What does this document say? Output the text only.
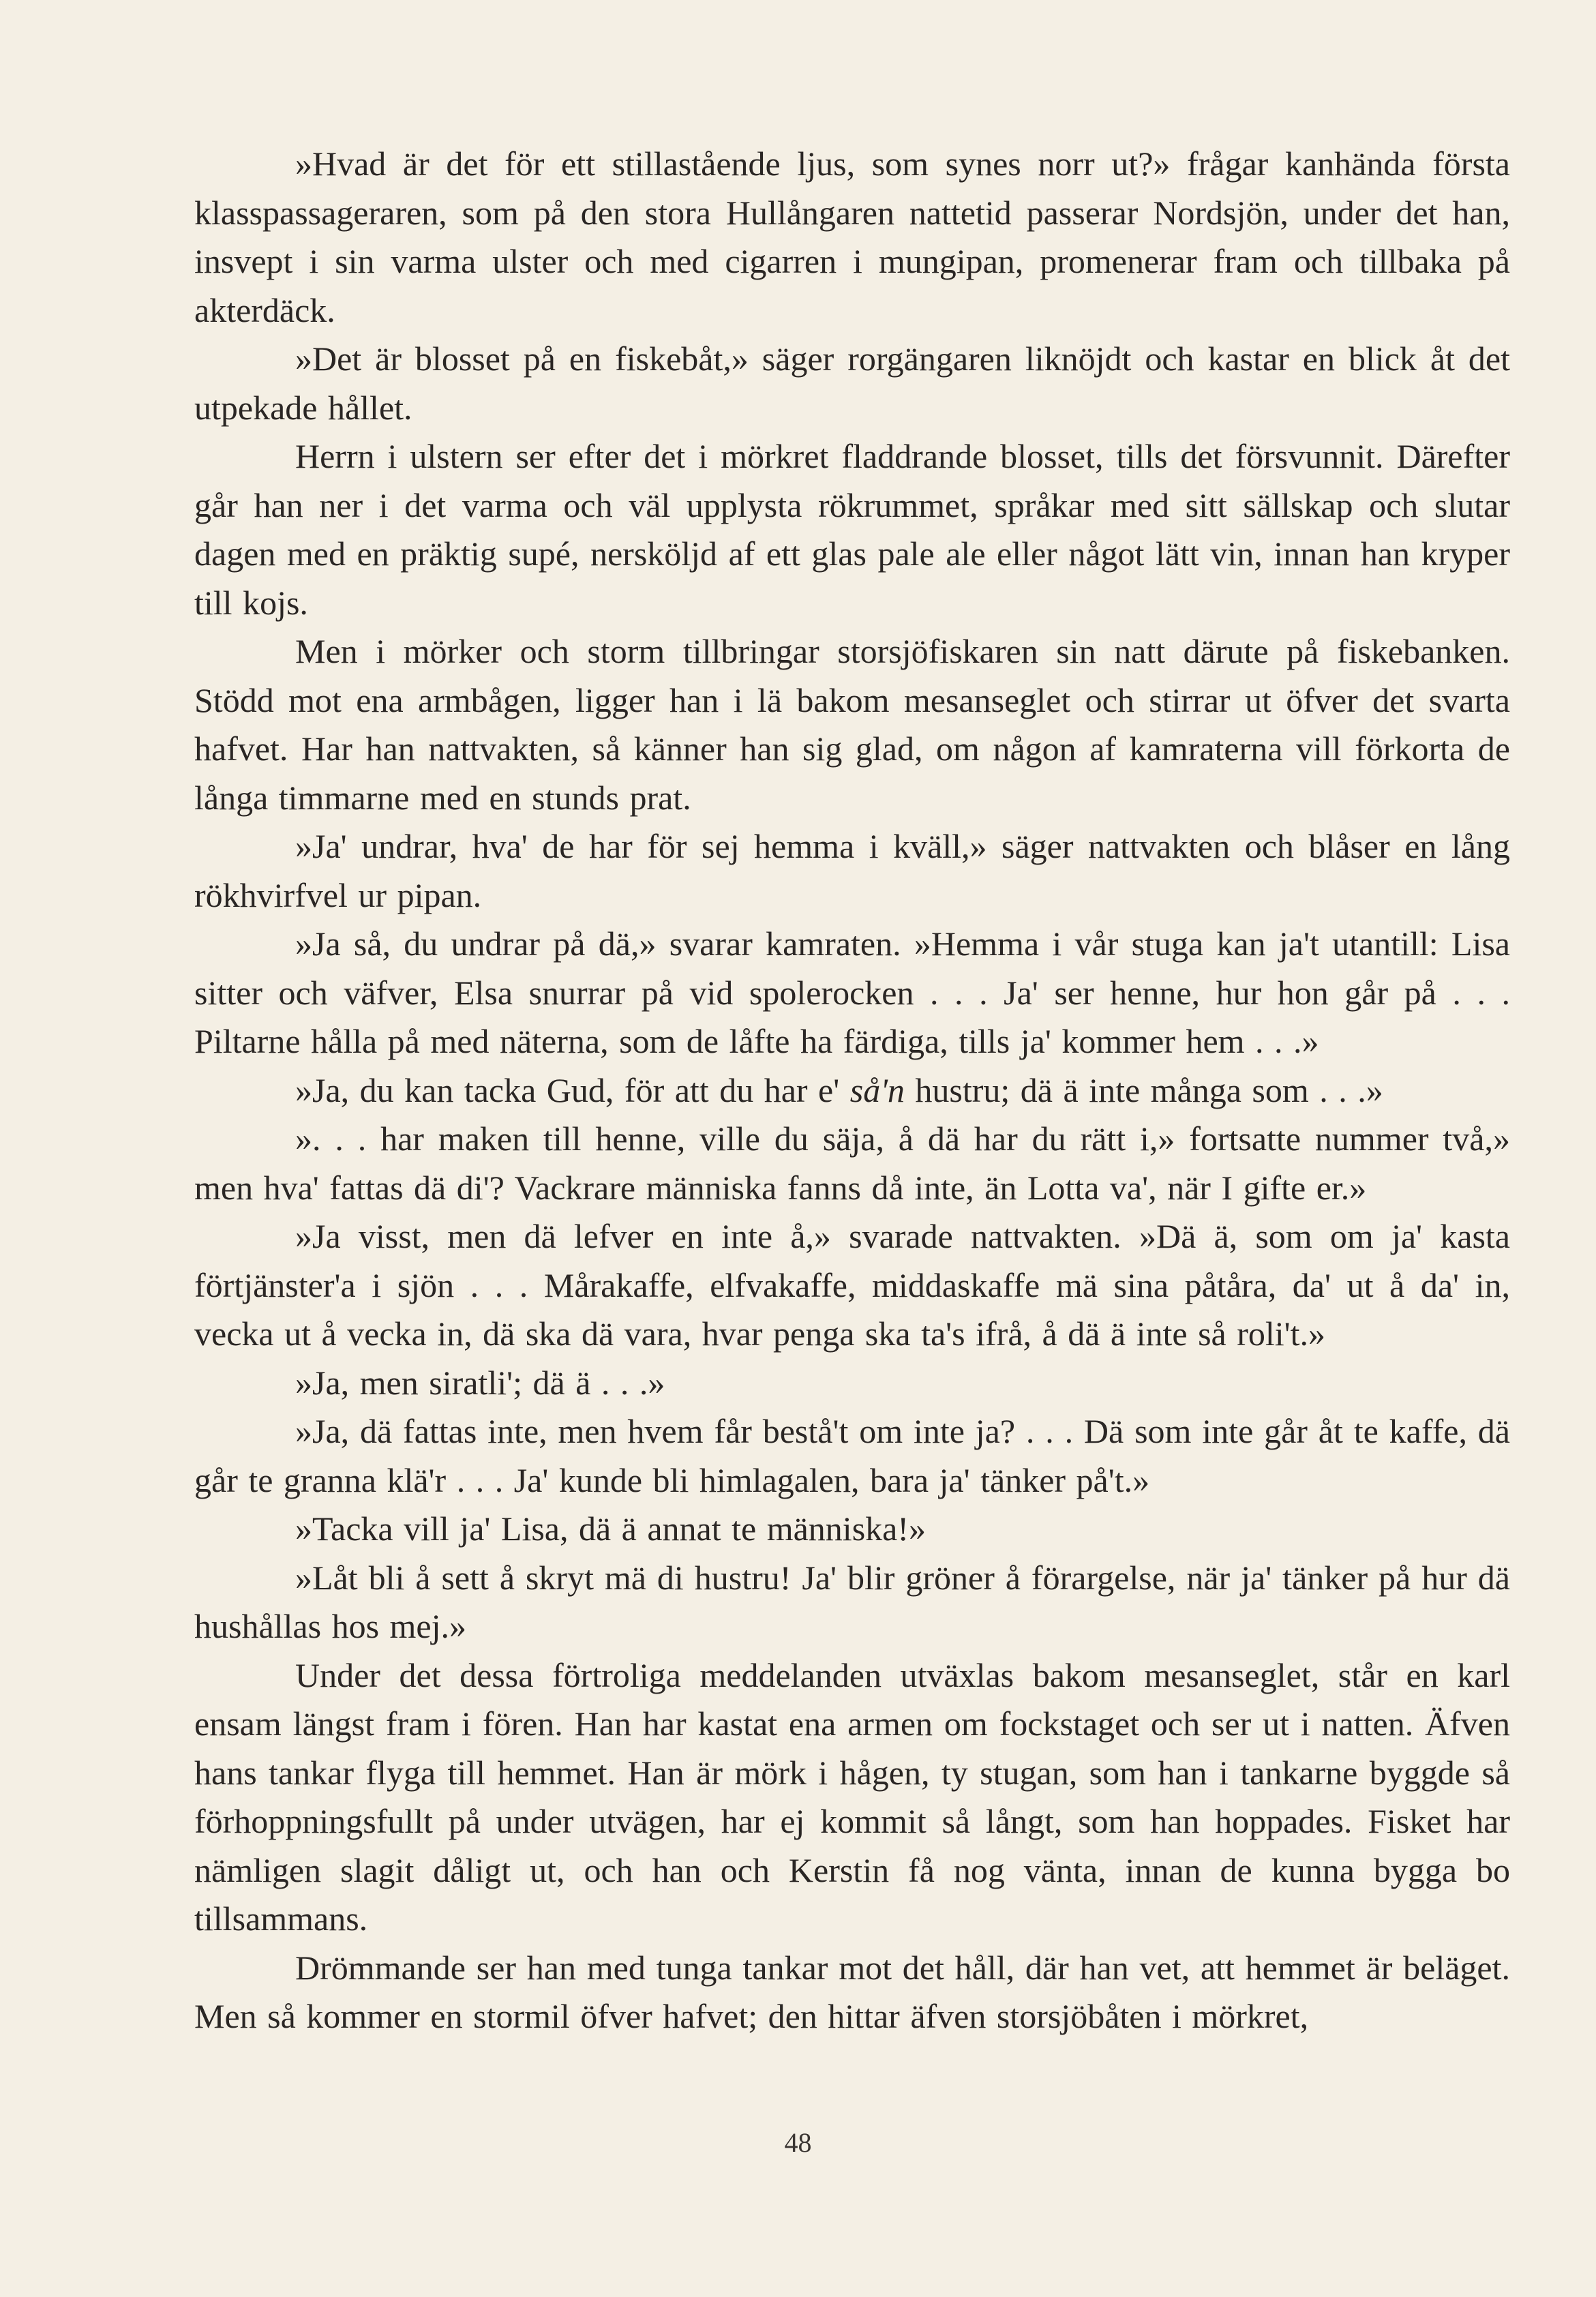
»Hvad är det för ett stillastående ljus, som synes norr ut?» frågar kanhända första klasspassageraren, som på den stora Hullångaren nattetid passerar Nordsjön, under det han, insvept i sin varma ulster och med cigarren i mungipan, promenerar fram och tillbaka på akterdäck.

»Det är blosset på en fiskebåt,» säger rorgängaren liknöjdt och kastar en blick åt det utpekade hållet.

Herrn i ulstern ser efter det i mörkret fladdrande blosset, tills det försvunnit. Därefter går han ner i det varma och väl upplysta rökrummet, språkar med sitt sällskap och slutar dagen med en präktig supé, nersköljd af ett glas pale ale eller något lätt vin, innan han kryper till kojs.

Men i mörker och storm tillbringar storsjöfiskaren sin natt därute på fiskebanken. Stödd mot ena armbågen, ligger han i lä bakom mesanseglet och stirrar ut öfver det svarta hafvet. Har han nattvakten, så känner han sig glad, om någon af kamraterna vill förkorta de långa timmarne med en stunds prat.

»Ja' undrar, hva' de har för sej hemma i kväll,» säger nattvakten och blåser en lång rökhvirfvel ur pipan.

»Ja så, du undrar på dä,» svarar kamraten. »Hemma i vår stuga kan ja't utantill: Lisa sitter och väfver, Elsa snurrar på vid spolerocken . . . Ja' ser henne, hur hon går på . . . Piltarne hålla på med näterna, som de låfte ha färdiga, tills ja' kommer hem . . .»

»Ja, du kan tacka Gud, för att du har e' så'n hustru; dä ä inte många som . . .»

». . . har maken till henne, ville du säja, å dä har du rätt i,» fortsatte nummer två,» men hva' fattas dä di'? Vackrare människa fanns då inte, än Lotta va', när I gifte er.»

»Ja visst, men dä lefver en inte å,» svarade nattvakten. »Dä ä, som om ja' kasta förtjänster'a i sjön . . . Mårakaffe, elfvakaffe, middaskaffe mä sina påtåra, da' ut å da' in, vecka ut å vecka in, dä ska dä vara, hvar penga ska ta's ifrå, å dä ä inte så roli't.»

»Ja, men siratli'; dä ä . . .»

»Ja, dä fattas inte, men hvem får bestå't om inte ja? . . . Dä som inte går åt te kaffe, dä går te granna klä'r . . . Ja' kunde bli himlagalen, bara ja' tänker på't.»

»Tacka vill ja' Lisa, dä ä annat te människa!»

»Låt bli å sett å skryt mä di hustru! Ja' blir gröner å förargelse, när ja' tänker på hur dä hushållas hos mej.»

Under det dessa förtroliga meddelanden utväxlas bakom mesanseglet, står en karl ensam längst fram i fören. Han har kastat ena armen om fockstaget och ser ut i natten. Äfven hans tankar flyga till hemmet. Han är mörk i hågen, ty stugan, som han i tankarne byggde så förhoppningsfullt på under utvägen, har ej kommit så långt, som han hoppades. Fisket har nämligen slagit dåligt ut, och han och Kerstin få nog vänta, innan de kunna bygga bo tillsammans.

Drömmande ser han med tunga tankar mot det håll, där han vet, att hemmet är beläget. Men så kommer en stormil öfver hafvet; den hittar äfven storsjöbåten i mörkret,

48
